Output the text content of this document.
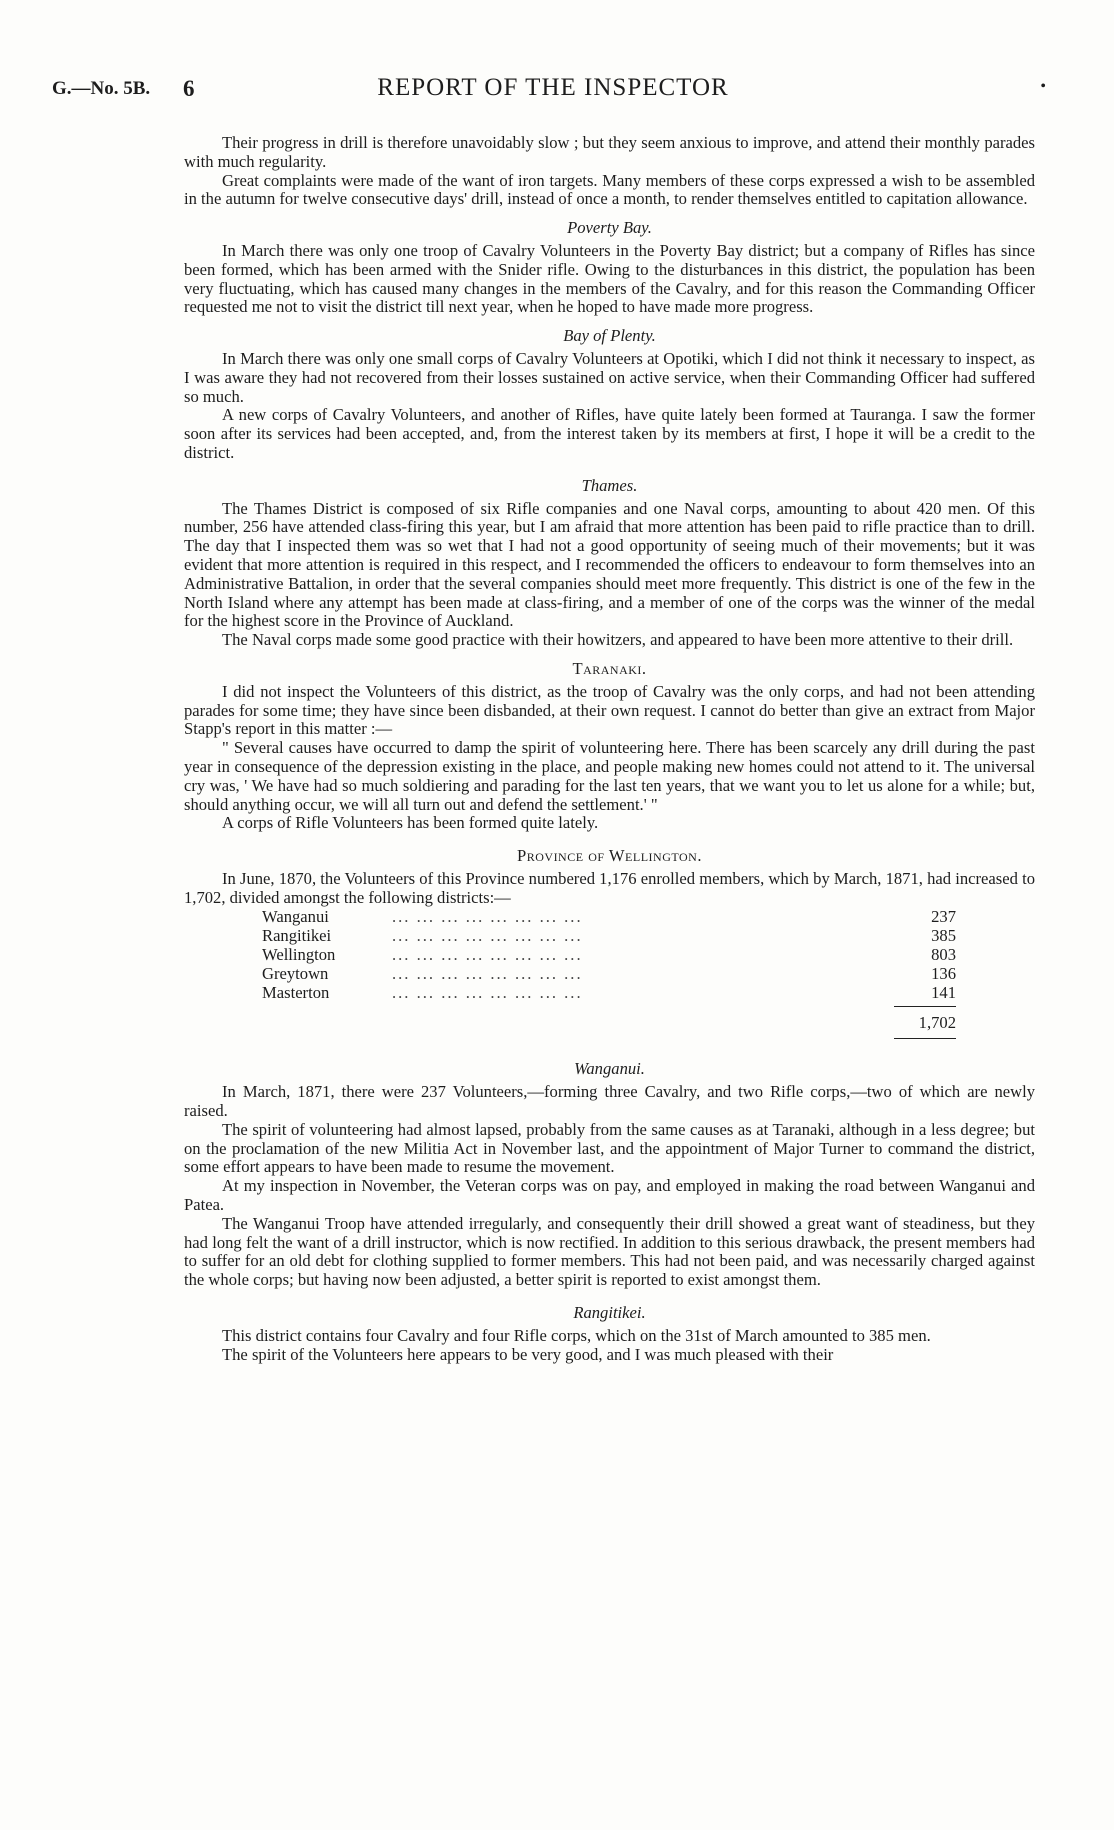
G.—No. 5B. 6	REPORT OF THE INSPECTOR	•

Their progress in drill is therefore unavoidably slow ; but they seem anxious to improve, and attend their monthly parades with much regularity.

Great complaints were made of the want of iron targets. Many members of these corps expressed a wish to be assembled in the autumn for twelve consecutive days' drill, instead of once a month, to render themselves entitled to capitation allowance.

Poverty Bay.

In March there was only one troop of Cavalry Volunteers in the Poverty Bay district; but a company of Rifles has since been formed, which has been armed with the Snider rifle. Owing to the disturbances in this district, the population has been very fluctuating, which has caused many changes in the members of the Cavalry, and for this reason the Commanding Officer requested me not to visit the district till next year, when he hoped to have made more progress.

Bay of Plenty.

In March there was only one small corps of Cavalry Volunteers at Opotiki, which I did not think it necessary to inspect, as I was aware they had not recovered from their losses sustained on active service, when their Commanding Officer had suffered so much.

A new corps of Cavalry Volunteers, and another of Rifles, have quite lately been formed at Tauranga. I saw the former soon after its services had been accepted, and, from the interest taken by its members at first, I hope it will be a credit to the district.

Thames.

The Thames District is composed of six Rifle companies and one Naval corps, amounting to about 420 men. Of this number, 256 have attended class-firing this year, but I am afraid that more attention has been paid to rifle practice than to drill. The day that I inspected them was so wet that I had not a good opportunity of seeing much of their movements; but it was evident that more attention is required in this respect, and I recommended the officers to endeavour to form themselves into an Administrative Battalion, in order that the several companies should meet more frequently. This district is one of the few in the North Island where any attempt has been made at class-firing, and a member of one of the corps was the winner of the medal for the highest score in the Province of Auckland.

The Naval corps made some good practice with their howitzers, and appeared to have been more attentive to their drill.

Taranaki.

I did not inspect the Volunteers of this district, as the troop of Cavalry was the only corps, and had not been attending parades for some time; they have since been disbanded, at their own request. I cannot do better than give an extract from Major Stapp's report in this matter :—

" Several causes have occurred to damp the spirit of volunteering here. There has been scarcely any drill during the past year in consequence of the depression existing in the place, and people making new homes could not attend to it. The universal cry was, ' We have had so much soldiering and parading for the last ten years, that we want you to let us alone for a while; but, should anything occur, we will all turn out and defend the settlement.' "

A corps of Rifle Volunteers has been formed quite lately.

Province of Wellington.

In June, 1870, the Volunteers of this Province numbered 1,176 enrolled members, which by March, 1871, had increased to 1,702, divided amongst the following districts:—

Wanganui	... ... ... ... ... ... ... ...	237
Rangitikei	... ... ... ... ... ... ... ...	385
Wellington	... ... ... ... ... ... ... ...	803
Greytown	... ... ... ... ... ... ... ...	136
Masterton	... ... ... ... ... ... ... ...	141
1,702
Wanganui.

In March, 1871, there were 237 Volunteers,—forming three Cavalry, and two Rifle corps,—two of which are newly raised.

The spirit of volunteering had almost lapsed, probably from the same causes as at Taranaki, although in a less degree; but on the proclamation of the new Militia Act in November last, and the appointment of Major Turner to command the district, some effort appears to have been made to resume the movement.

At my inspection in November, the Veteran corps was on pay, and employed in making the road between Wanganui and Patea.

The Wanganui Troop have attended irregularly, and consequently their drill showed a great want of steadiness, but they had long felt the want of a drill instructor, which is now rectified. In addition to this serious drawback, the present members had to suffer for an old debt for clothing supplied to former members. This had not been paid, and was necessarily charged against the whole corps; but having now been adjusted, a better spirit is reported to exist amongst them.

Rangitikei.

This district contains four Cavalry and four Rifle corps, which on the 31st of March amounted to 385 men.

The spirit of the Volunteers here appears to be very good, and I was much pleased with their
